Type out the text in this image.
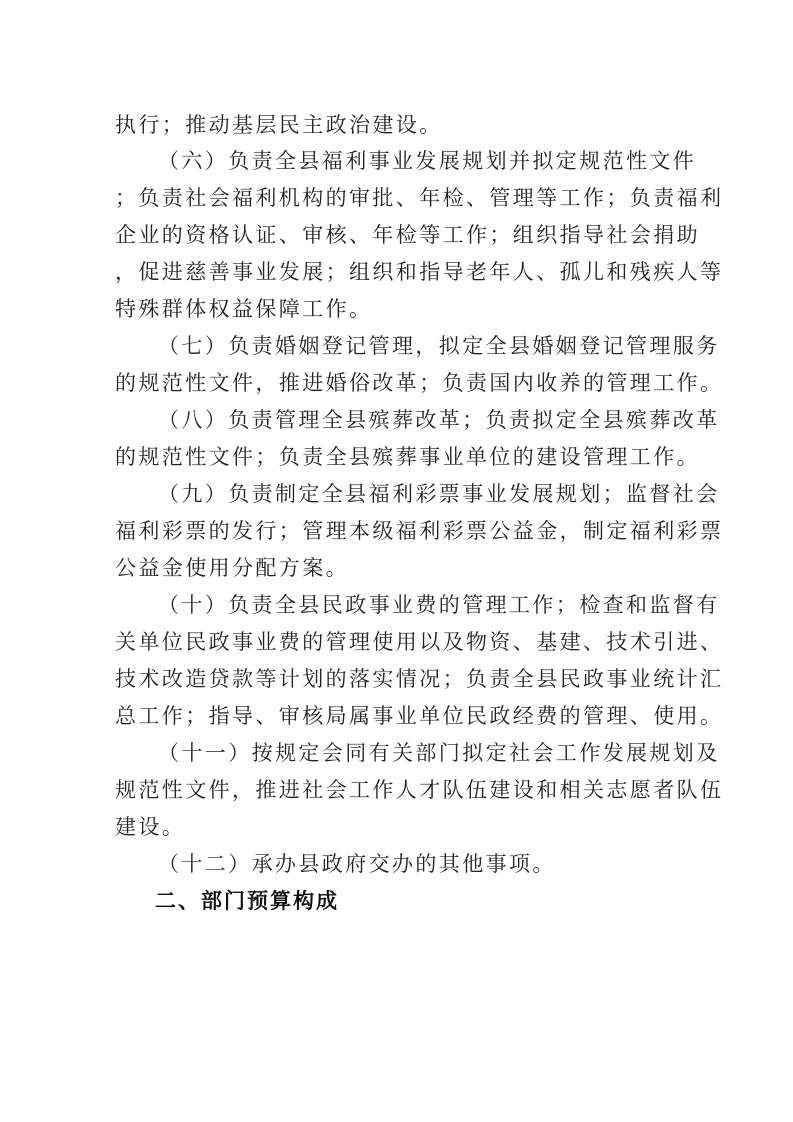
执行；推动基层民主政治建设。

（六）负责全县福利事业发展规划并拟定规范性文件

；负责社会福利机构的审批、年检、管理等工作；负责福利

企业的资格认证、审核、年检等工作；组织指导社会捐助

，促进慈善事业发展；组织和指导老年人、孤儿和残疾人等

特殊群体权益保障工作。

（七）负责婚姻登记管理，拟定全县婚姻登记管理服务

的规范性文件，推进婚俗改革；负责国内收养的管理工作。

（八）负责管理全县殡葬改革；负责拟定全县殡葬改革

的规范性文件；负责全县殡葬事业单位的建设管理工作。

（九）负责制定全县福利彩票事业发展规划；监督社会

福利彩票的发行；管理本级福利彩票公益金，制定福利彩票

公益金使用分配方案。

（十）负责全县民政事业费的管理工作；检查和监督有

关单位民政事业费的管理使用以及物资、基建、技术引进、

技术改造贷款等计划的落实情况；负责全县民政事业统计汇

总工作；指导、审核局属事业单位民政经费的管理、使用。

（十一）按规定会同有关部门拟定社会工作发展规划及

规范性文件，推进社会工作人才队伍建设和相关志愿者队伍

建设。

（十二）承办县政府交办的其他事项。

二、部门预算构成
